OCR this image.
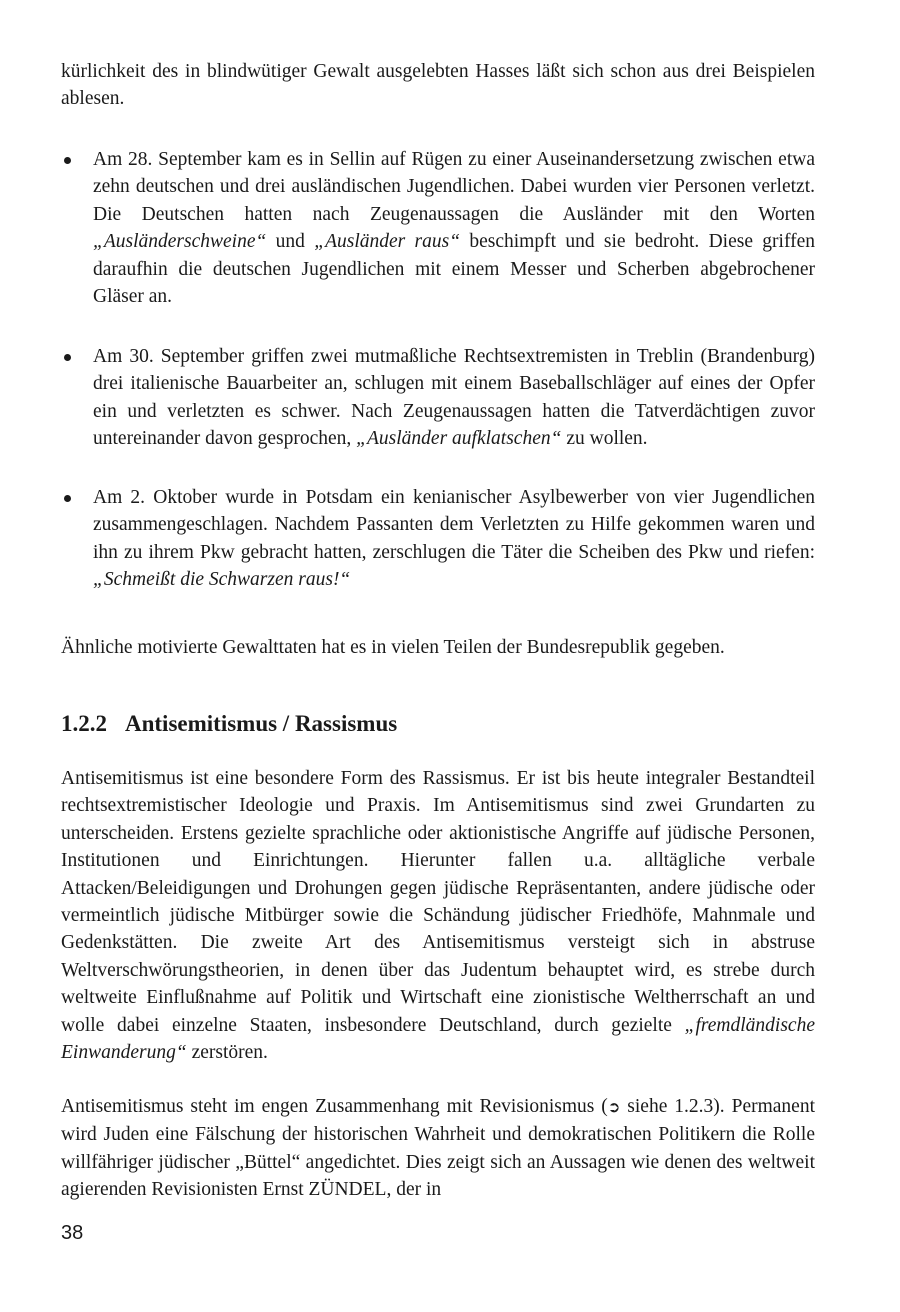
kürlichkeit des in blindwütiger Gewalt ausgelebten Hasses läßt sich schon aus drei Beispielen ablesen.

Am 28. September kam es in Sellin auf Rügen zu einer Auseinandersetzung zwischen etwa zehn deutschen und drei ausländischen Jugendlichen. Dabei wurden vier Personen verletzt. Die Deutschen hatten nach Zeugenaussagen die Ausländer mit den Worten „Ausländerschweine“ und „Ausländer raus“ beschimpft und sie bedroht. Diese griffen daraufhin die deutschen Jugendlichen mit einem Messer und Scherben abgebrochener Gläser an.

Am 30. September griffen zwei mutmaßliche Rechtsextremisten in Treblin (Brandenburg) drei italienische Bauarbeiter an, schlugen mit einem Baseballschläger auf eines der Opfer ein und verletzten es schwer. Nach Zeugenaussagen hatten die Tatverdächtigen zuvor untereinander davon gesprochen, „Ausländer aufklatschen“ zu wollen.

Am 2. Oktober wurde in Potsdam ein kenianischer Asylbewerber von vier Jugendlichen zusammengeschlagen. Nachdem Passanten dem Verletzten zu Hilfe gekommen waren und ihn zu ihrem Pkw gebracht hatten, zerschlugen die Täter die Scheiben des Pkw und riefen: „Schmeißt die Schwarzen raus!“

Ähnliche motivierte Gewalttaten hat es in vielen Teilen der Bundesrepublik gegeben.

1.2.2 Antisemitismus / Rassismus

Antisemitismus ist eine besondere Form des Rassismus. Er ist bis heute integraler Bestandteil rechtsextremistischer Ideologie und Praxis. Im Antisemitismus sind zwei Grundarten zu unterscheiden. Erstens gezielte sprachliche oder aktionistische Angriffe auf jüdische Personen, Institutionen und Einrichtungen. Hierunter fallen u.a. alltägliche verbale Attacken/Beleidigungen und Drohungen gegen jüdische Repräsentanten, andere jüdische oder vermeintlich jüdische Mitbürger sowie die Schändung jüdischer Friedhöfe, Mahnmale und Gedenkstätten. Die zweite Art des Antisemitismus versteigt sich in abstruse Weltverschwörungstheorien, in denen über das Judentum behauptet wird, es strebe durch weltweite Einflußnahme auf Politik und Wirtschaft eine zionistische Weltherrschaft an und wolle dabei einzelne Staaten, insbesondere Deutschland, durch gezielte „fremdländische Einwanderung“ zerstören.

Antisemitismus steht im engen Zusammenhang mit Revisionismus (➲ siehe 1.2.3). Permanent wird Juden eine Fälschung der historischen Wahrheit und demokratischen Politikern die Rolle willfähriger jüdischer „Büttel“ angedichtet. Dies zeigt sich an Aussagen wie denen des weltweit agierenden Revisionisten Ernst ZÜNDEL, der in

38
